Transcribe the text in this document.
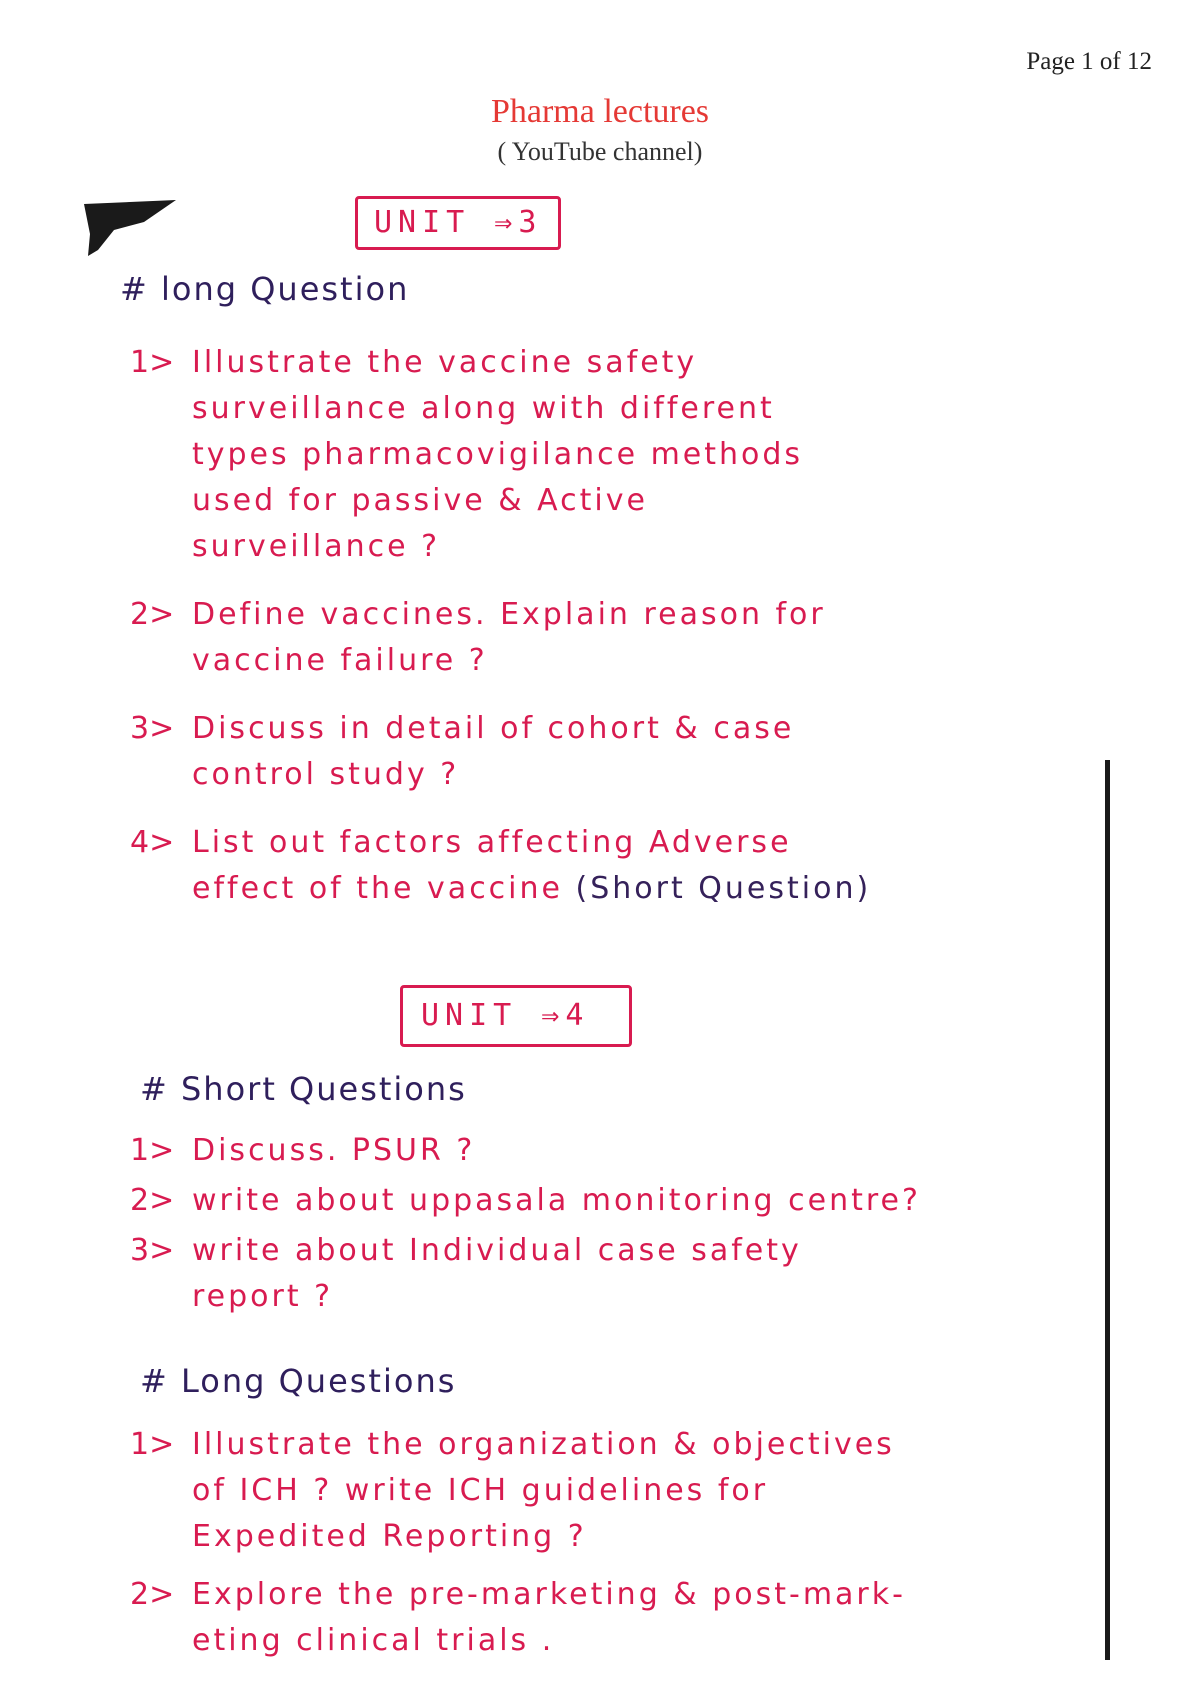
Page 1 of 12
Pharma lectures
( YouTube channel)
UNIT ⇒3
# long Question
1> Illustrate the vaccine safety
surveillance along with different
types pharmacovigilance methods
used for passive & Active
surveillance ?
2> Define vaccines. Explain reason for
vaccine failure ?
3> Discuss in detail of cohort & case
control study ?
4> List out factors affecting Adverse
effect of the vaccine (Short Question)
UNIT ⇒4
# Short Questions
1> Discuss. PSUR ?
2> write about uppasala monitoring centre?
3> write about Individual case safety
report ?
# Long Questions
1> Illustrate the organization & objectives
of ICH ? write ICH guidelines for
Expedited Reporting ?
2> Explore the pre-marketing & post-mark-
eting clinical trials .
